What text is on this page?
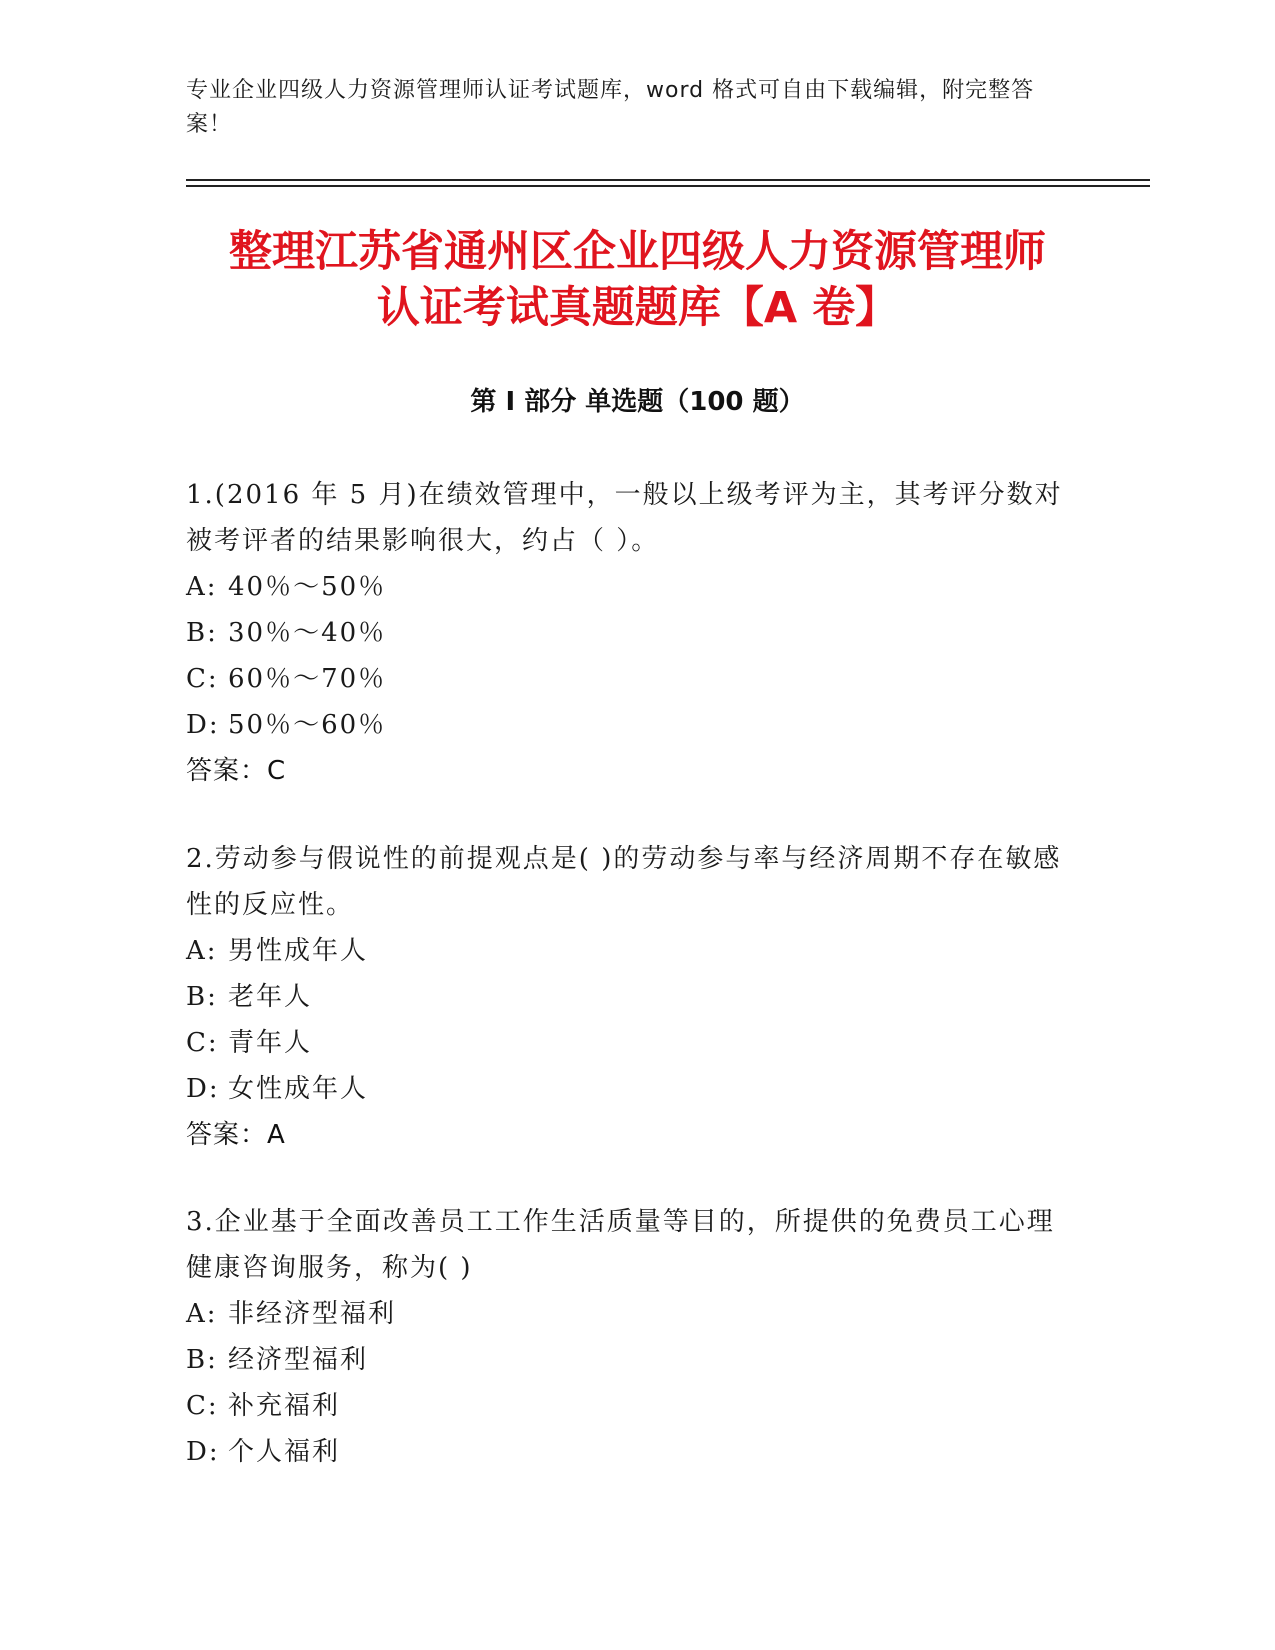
专业企业四级人力资源管理师认证考试题库，word 格式可自由下载编辑，附完整答案！
整理江苏省通州区企业四级人力资源管理师
认证考试真题题库【A 卷】
第 I 部分 单选题（100 题）
1.(2016 年 5 月)在绩效管理中，一般以上级考评为主，其考评分数对被考评者的结果影响很大，约占（ ）。
A: 40％～50％
B: 30％～40％
C: 60％～70％
D: 50％～60％
答案：C
2.劳动参与假说性的前提观点是( )的劳动参与率与经济周期不存在敏感性的反应性。
A: 男性成年人
B: 老年人
C: 青年人
D: 女性成年人
答案：A
3.企业基于全面改善员工工作生活质量等目的，所提供的免费员工心理健康咨询服务，称为( )
A: 非经济型福利
B: 经济型福利
C: 补充福利
D: 个人福利
